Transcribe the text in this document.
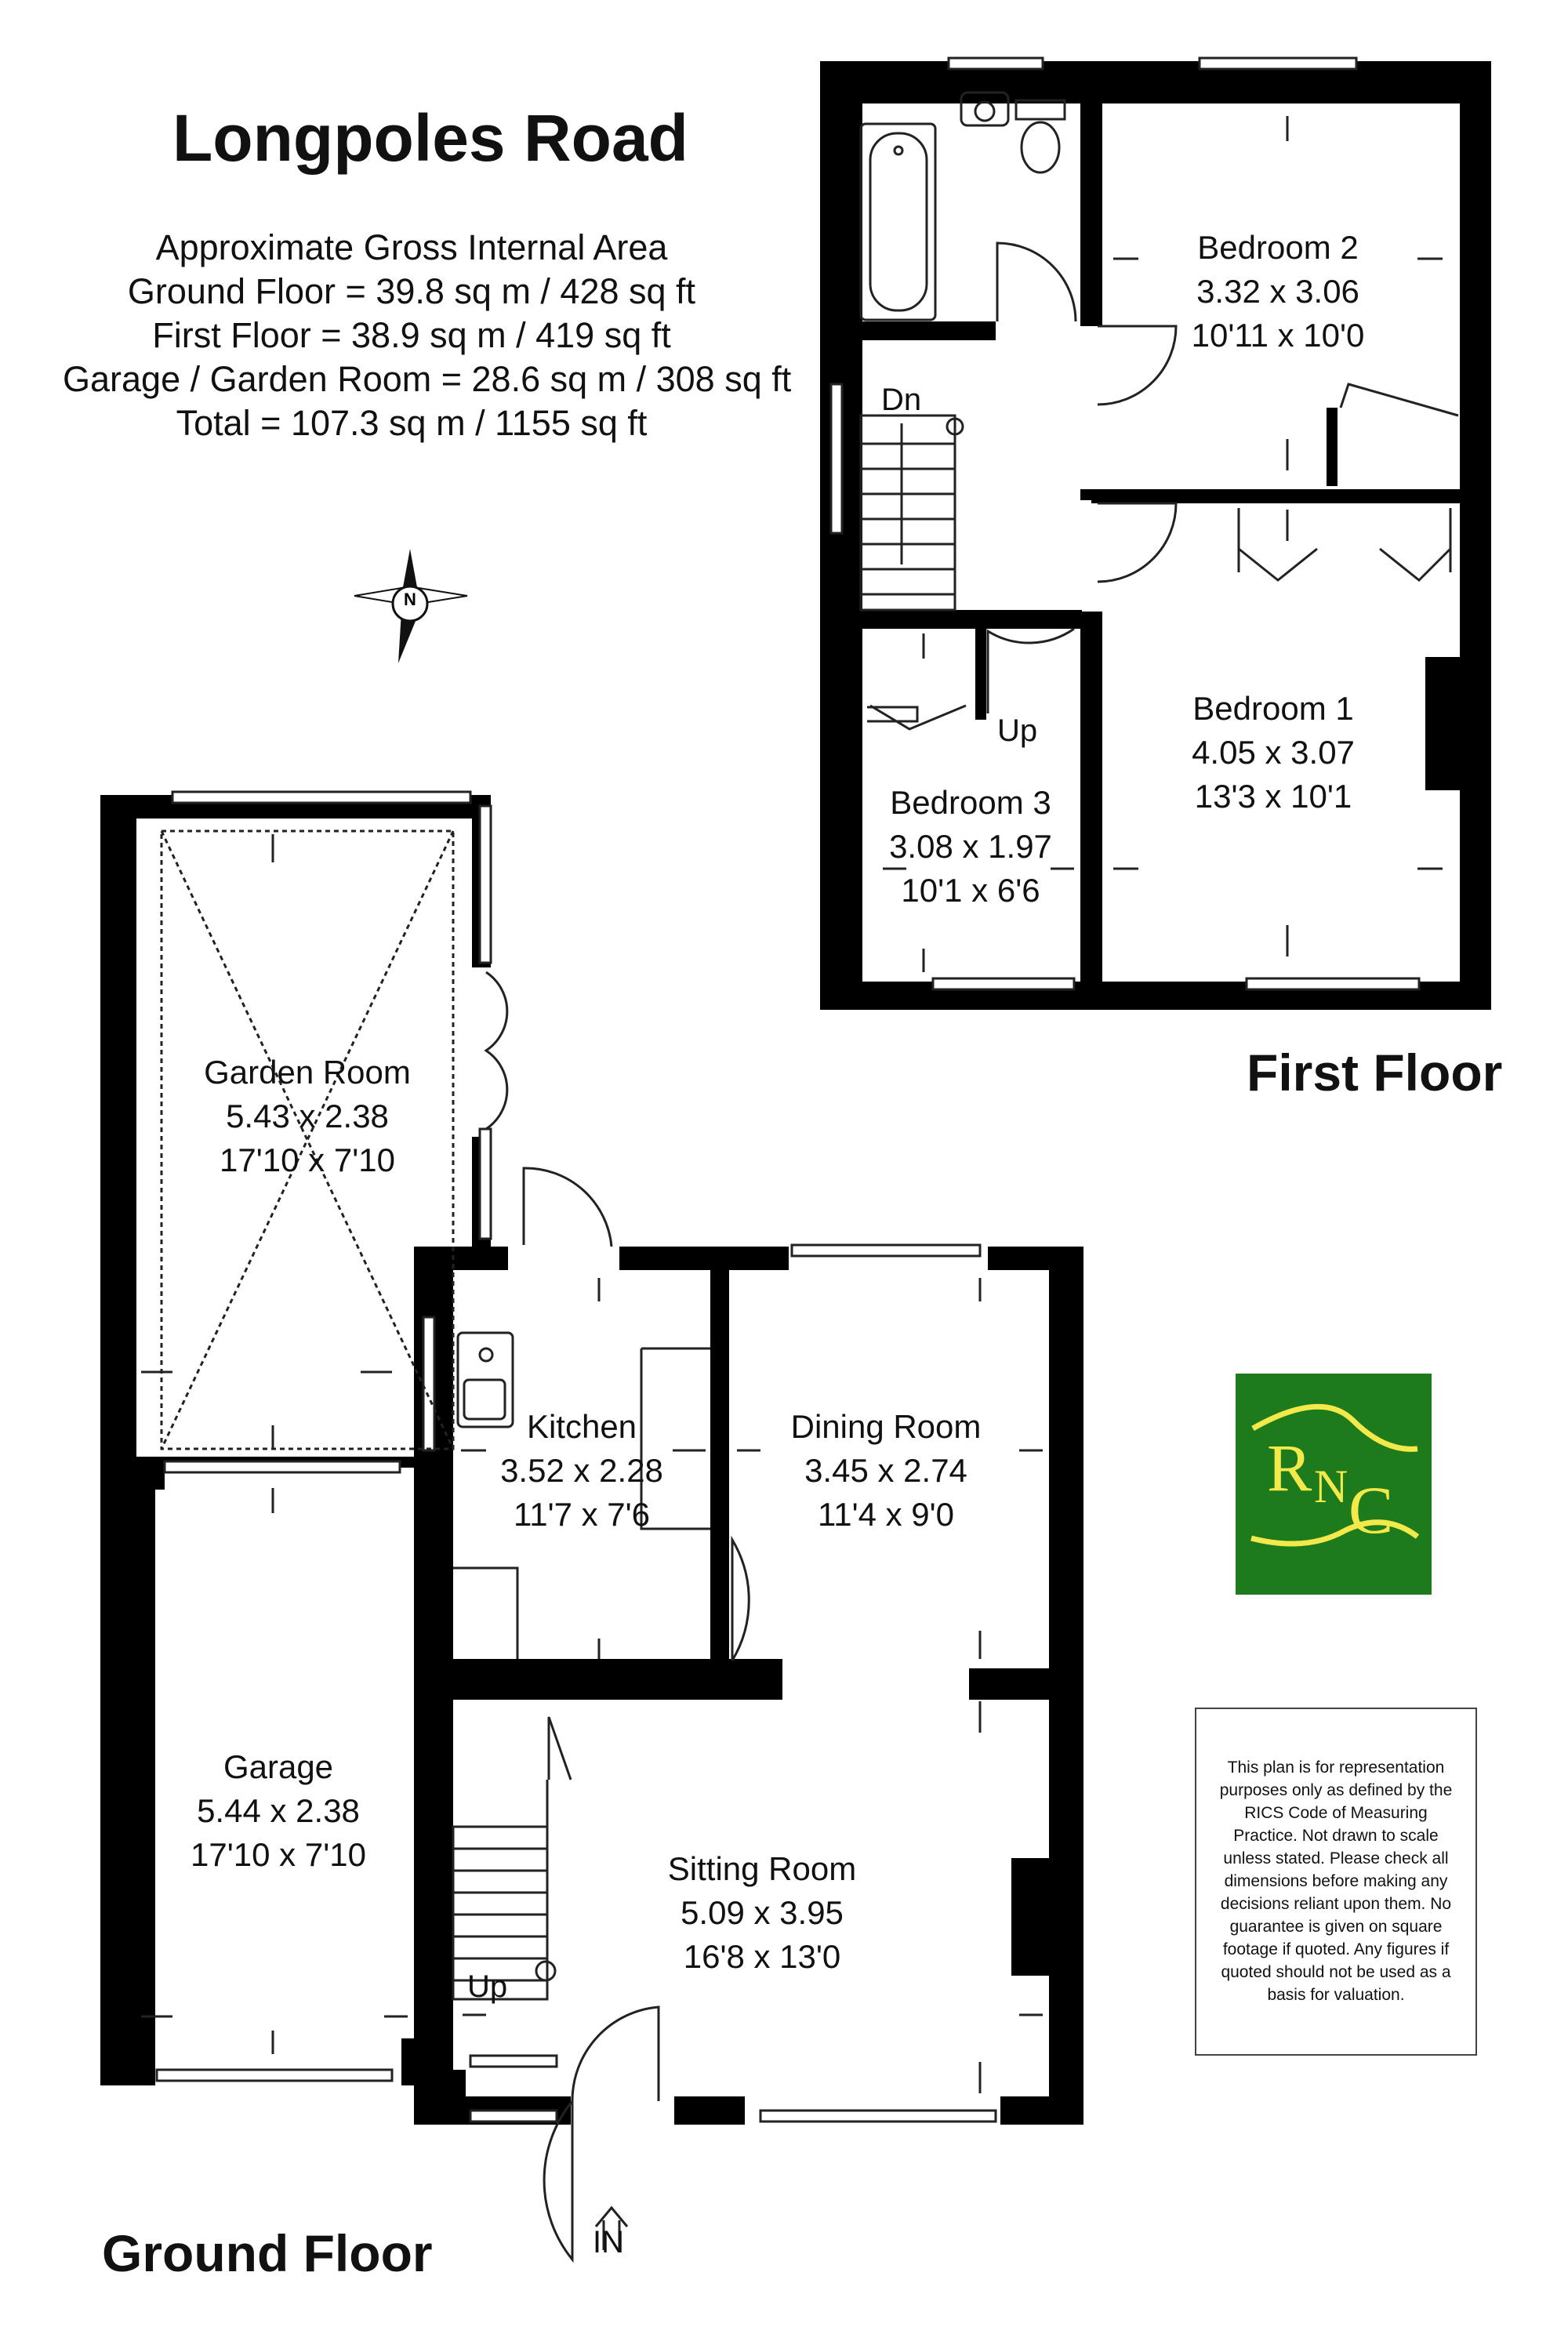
Longpoles Road
Approximate Gross Internal Area
Ground Floor = 39.8 sq m / 428 sq ft
First Floor = 38.9 sq m / 419 sq ft
Garage / Garden Room = 28.6 sq m / 308 sq ft
Total = 107.3 sq m / 1155 sq ft
N
Bedroom 2
3.32 x 3.06
10'11 x 10'0
Bedroom 1
4.05 x 3.07
13'3 x 10'1
Bedroom 3
3.08 x 1.97
10'1 x 6'6
Dn
Up
First Floor
Garden Room
5.43 x 2.38
17'10 x 7'10
Kitchen
3.52 x 2.28
11'7 x 7'6
Dining Room
3.45 x 2.74
11'4 x 9'0
Garage
5.44 x 2.38
17'10 x 7'10	Sitting Room
5.09 x 3.95
16'8 x 13'0
Up
IN
Ground Floor
R N C
This plan is for representation purposes only as defined by the RICS Code of Measuring Practice. Not drawn to scale unless stated. Please check all dimensions before making any decisions reliant upon them. No guarantee is given on square footage if quoted. Any figures if quoted should not be used as a basis for valuation.
